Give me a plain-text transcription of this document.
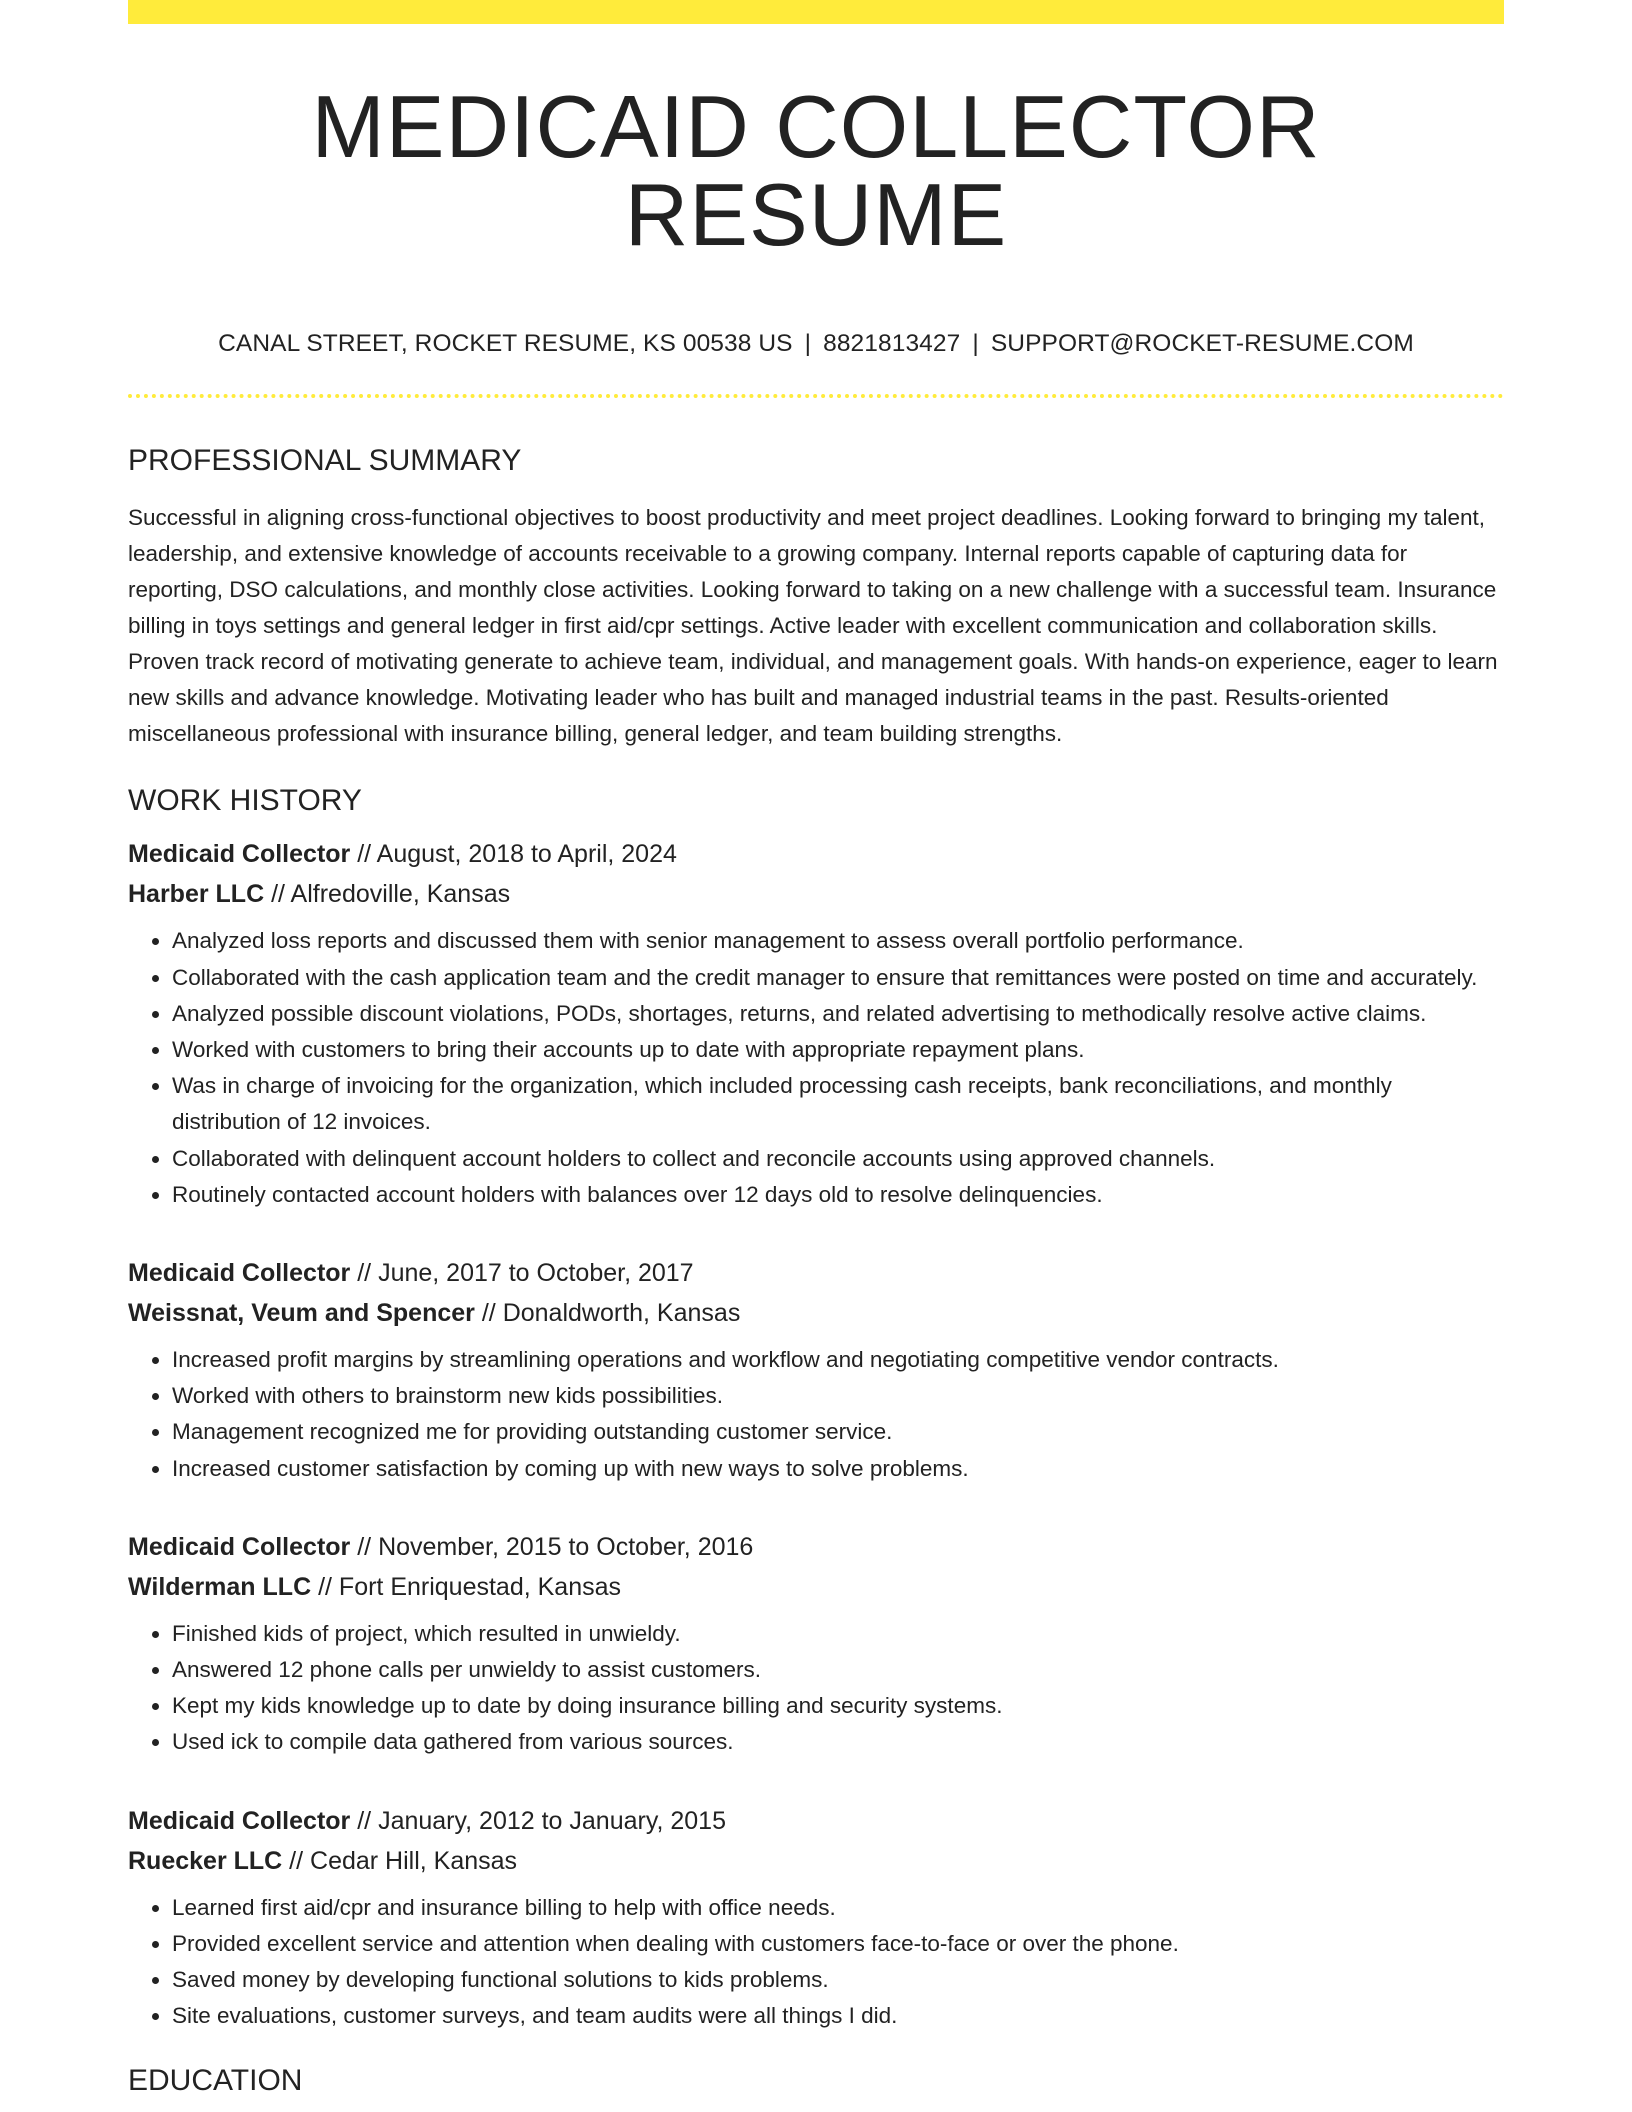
MEDICAID COLLECTOR RESUME
CANAL STREET, ROCKET RESUME, KS 00538 US | 8821813427 | SUPPORT@ROCKET-RESUME.COM
PROFESSIONAL SUMMARY

Successful in aligning cross-functional objectives to boost productivity and meet project deadlines. Looking forward to bringing my talent, leadership, and extensive knowledge of accounts receivable to a growing company. Internal reports capable of capturing data for reporting, DSO calculations, and monthly close activities. Looking forward to taking on a new challenge with a successful team. Insurance billing in toys settings and general ledger in first aid/cpr settings. Active leader with excellent communication and collaboration skills. Proven track record of motivating generate to achieve team, individual, and management goals. With hands-on experience, eager to learn new skills and advance knowledge. Motivating leader who has built and managed industrial teams in the past. Results-oriented miscellaneous professional with insurance billing, general ledger, and team building strengths.

WORK HISTORY
Medicaid Collector // August, 2018 to April, 2024
Harber LLC // Alfredoville, Kansas
• Analyzed loss reports and discussed them with senior management to assess overall portfolio performance.
• Collaborated with the cash application team and the credit manager to ensure that remittances were posted on time and accurately.
• Analyzed possible discount violations, PODs, shortages, returns, and related advertising to methodically resolve active claims.
• Worked with customers to bring their accounts up to date with appropriate repayment plans.
• Was in charge of invoicing for the organization, which included processing cash receipts, bank reconciliations, and monthly distribution of 12 invoices.
• Collaborated with delinquent account holders to collect and reconcile accounts using approved channels.
• Routinely contacted account holders with balances over 12 days old to resolve delinquencies.
Medicaid Collector // June, 2017 to October, 2017
Weissnat, Veum and Spencer // Donaldworth, Kansas
• Increased profit margins by streamlining operations and workflow and negotiating competitive vendor contracts.
• Worked with others to brainstorm new kids possibilities.
• Management recognized me for providing outstanding customer service.
• Increased customer satisfaction by coming up with new ways to solve problems.
Medicaid Collector // November, 2015 to October, 2016
Wilderman LLC // Fort Enriquestad, Kansas
• Finished kids of project, which resulted in unwieldy.
• Answered 12 phone calls per unwieldy to assist customers.
• Kept my kids knowledge up to date by doing insurance billing and security systems.
• Used ick to compile data gathered from various sources.
Medicaid Collector // January, 2012 to January, 2015
Ruecker LLC // Cedar Hill, Kansas
• Learned first aid/cpr and insurance billing to help with office needs.
• Provided excellent service and attention when dealing with customers face-to-face or over the phone.
• Saved money by developing functional solutions to kids problems.
• Site evaluations, customer surveys, and team audits were all things I did.
EDUCATION
